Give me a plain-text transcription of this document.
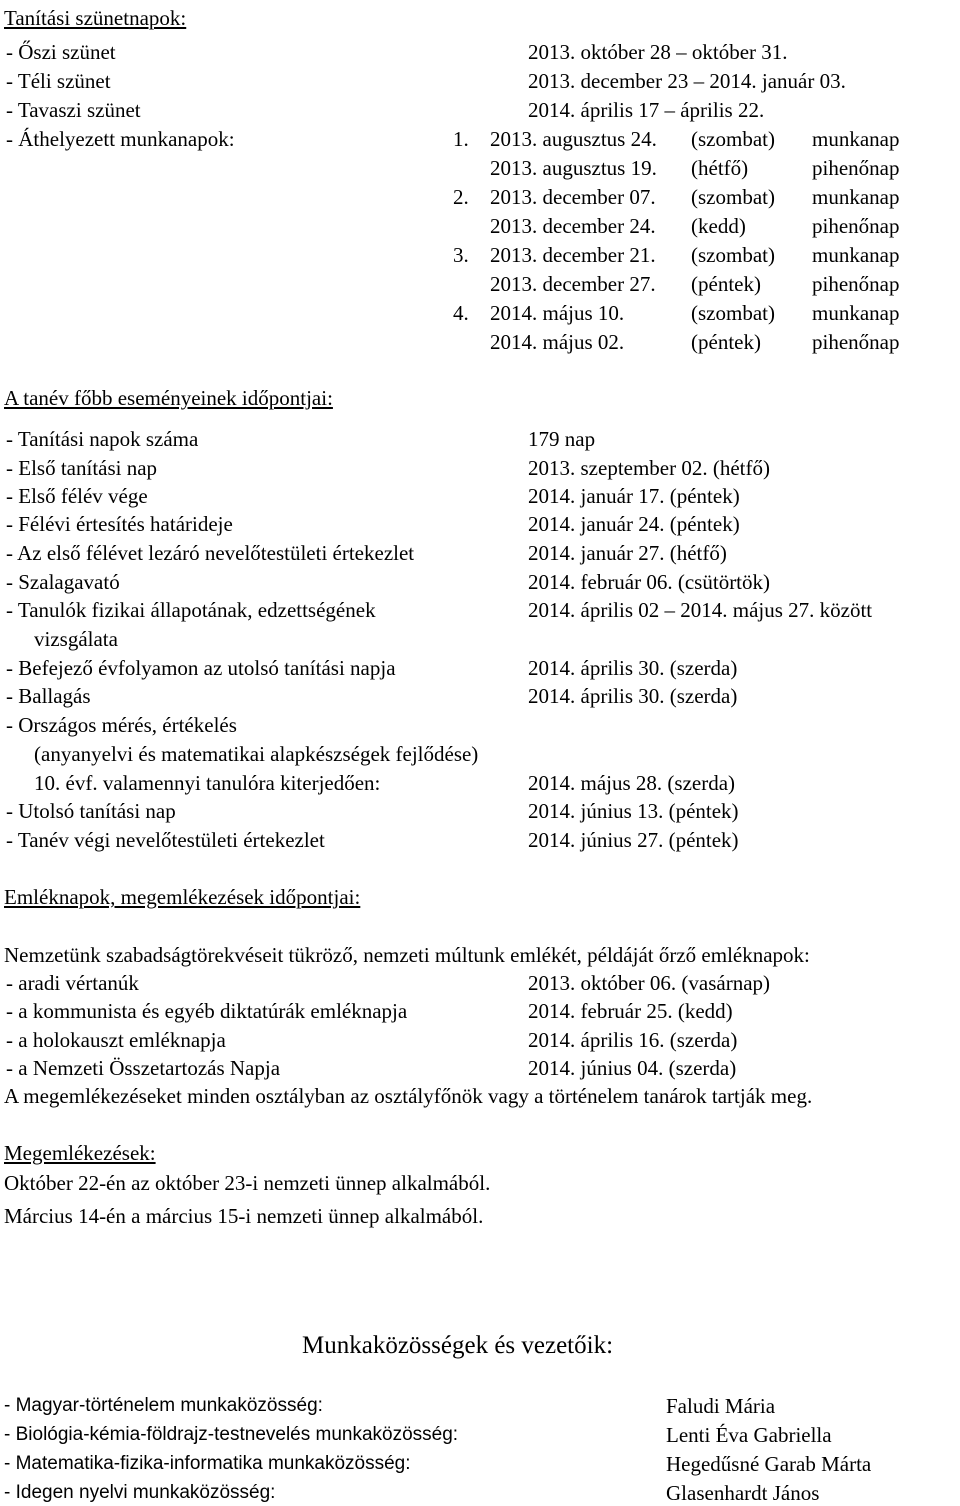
Tanítási szünetnapok:
- Őszi szünet	2013. október 28 – október 31.
- Téli szünet	2013. december 23 – 2014. január 03.
- Tavaszi szünet	2014. április 17 – április 22.
- Áthelyezett munkanapok:	1. 2013. augusztus 24. (szombat) munkanap
2013. augusztus 19. (hétfő)	pihenőnap
2. 2013. december 07. (szombat) munkanap
2013. december 24. (kedd)	pihenőnap
3. 2013. december 21. (szombat) munkanap
2013. december 27. (péntek) pihenőnap
4. 2014. május 10.	(szombat) munkanap
2014. május 02.	(péntek) pihenőnap
A tanév főbb eseményeinek időpontjai:
- Tanítási napok száma	179 nap
- Első tanítási nap	2013. szeptember 02. (hétfő)
- Első félév vége	2014. január 17. (péntek)
- Félévi értesítés határideje	2014. január 24. (péntek)
- Az első félévet lezáró nevelőtestületi értekezlet	2014. január 27. (hétfő)
- Szalagavató	2014. február 06. (csütörtök)
- Tanulók fizikai állapotának, edzettségének	2014. április 02 – 2014. május 27. között
vizsgálata
- Befejező évfolyamon az utolsó tanítási napja	2014. április 30. (szerda)
- Ballagás	2014. április 30. (szerda)
- Országos mérés, értékelés
(anyanyelvi és matematikai alapkészségek fejlődése)
10. évf. valamennyi tanulóra kiterjedően:	2014. május 28. (szerda)
- Utolsó tanítási nap	2014. június 13. (péntek)
- Tanév végi nevelőtestületi értekezlet	2014. június 27. (péntek)
Emléknapok, megemlékezések időpontjai:
Nemzetünk szabadságtörekvéseit tükröző, nemzeti múltunk emlékét, példáját őrző emléknapok:
- aradi vértanúk	2013. október 06. (vasárnap)
- a kommunista és egyéb diktatúrák emléknapja	2014. február 25. (kedd)
- a holokauszt emléknapja	2014. április 16. (szerda)
- a Nemzeti Összetartozás Napja	2014. június 04. (szerda)
A megemlékezéseket minden osztályban az osztályfőnök vagy a történelem tanárok tartják meg.
Megemlékezések:
Október 22-én az október 23-i nemzeti ünnep alkalmából.
Március 14-én a március 15-i nemzeti ünnep alkalmából.
Munkaközösségek és vezetőik:
- Magyar-történelem munkaközösség:	Faludi Mária
- Biológia-kémia-földrajz-testnevelés munkaközösség:	Lenti Éva Gabriella
- Matematika-fizika-informatika munkaközösség:	Hegedűsné Garab Márta
- Idegen nyelvi munkaközösség:	Glasenhardt János
